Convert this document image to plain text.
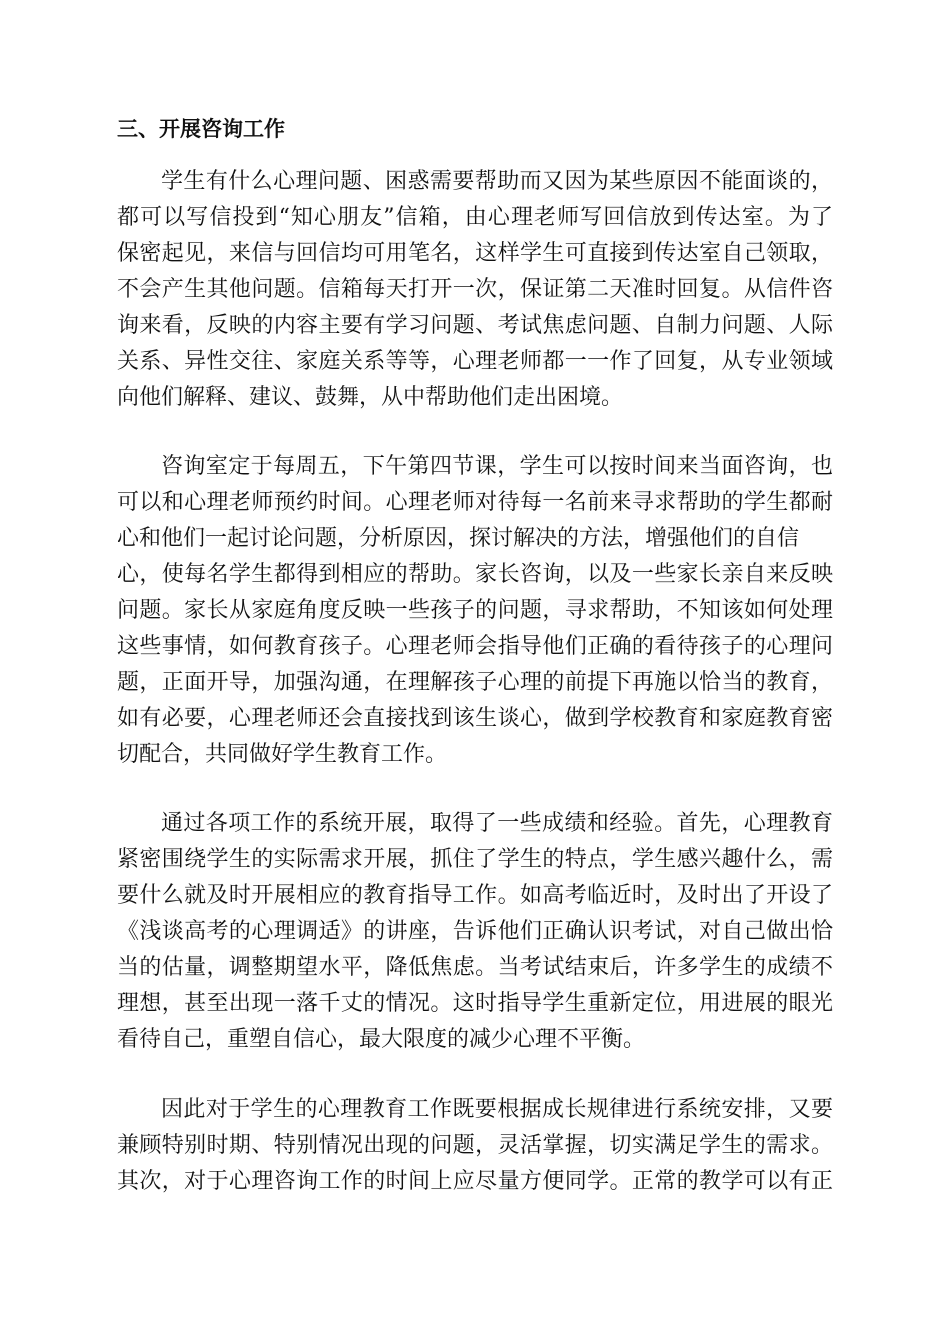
三、开展咨询工作
学生有什么心理问题、困惑需要帮助而又因为某些原因不能面谈的，
都可以写信投到“知心朋友”信箱，由心理老师写回信放到传达室。为了
保密起见，来信与回信均可用笔名，这样学生可直接到传达室自己领取，
不会产生其他问题。信箱每天打开一次，保证第二天准时回复。从信件咨
询来看，反映的内容主要有学习问题、考试焦虑问题、自制力问题、人际
关系、异性交往、家庭关系等等，心理老师都一一作了回复，从专业领域
向他们解释、建议、鼓舞，从中帮助他们走出困境。
咨询室定于每周五，下午第四节课，学生可以按时间来当面咨询，也
可以和心理老师预约时间。心理老师对待每一名前来寻求帮助的学生都耐
心和他们一起讨论问题，分析原因，探讨解决的方法，增强他们的自信
心，使每名学生都得到相应的帮助。家长咨询，以及一些家长亲自来反映
问题。家长从家庭角度反映一些孩子的问题，寻求帮助，不知该如何处理
这些事情，如何教育孩子。心理老师会指导他们正确的看待孩子的心理问
题，正面开导，加强沟通，在理解孩子心理的前提下再施以恰当的教育，
如有必要，心理老师还会直接找到该生谈心，做到学校教育和家庭教育密
切配合，共同做好学生教育工作。
通过各项工作的系统开展，取得了一些成绩和经验。首先，心理教育
紧密围绕学生的实际需求开展，抓住了学生的特点，学生感兴趣什么，需
要什么就及时开展相应的教育指导工作。如高考临近时，及时出了开设了
《浅谈高考的心理调适》的讲座，告诉他们正确认识考试，对自己做出恰
当的估量，调整期望水平，降低焦虑。当考试结束后，许多学生的成绩不
理想，甚至出现一落千丈的情况。这时指导学生重新定位，用进展的眼光
看待自己，重塑自信心，最大限度的减少心理不平衡。
因此对于学生的心理教育工作既要根据成长规律进行系统安排，又要
兼顾特别时期、特别情况出现的问题，灵活掌握，切实满足学生的需求。
其次，对于心理咨询工作的时间上应尽量方便同学。正常的教学可以有正
